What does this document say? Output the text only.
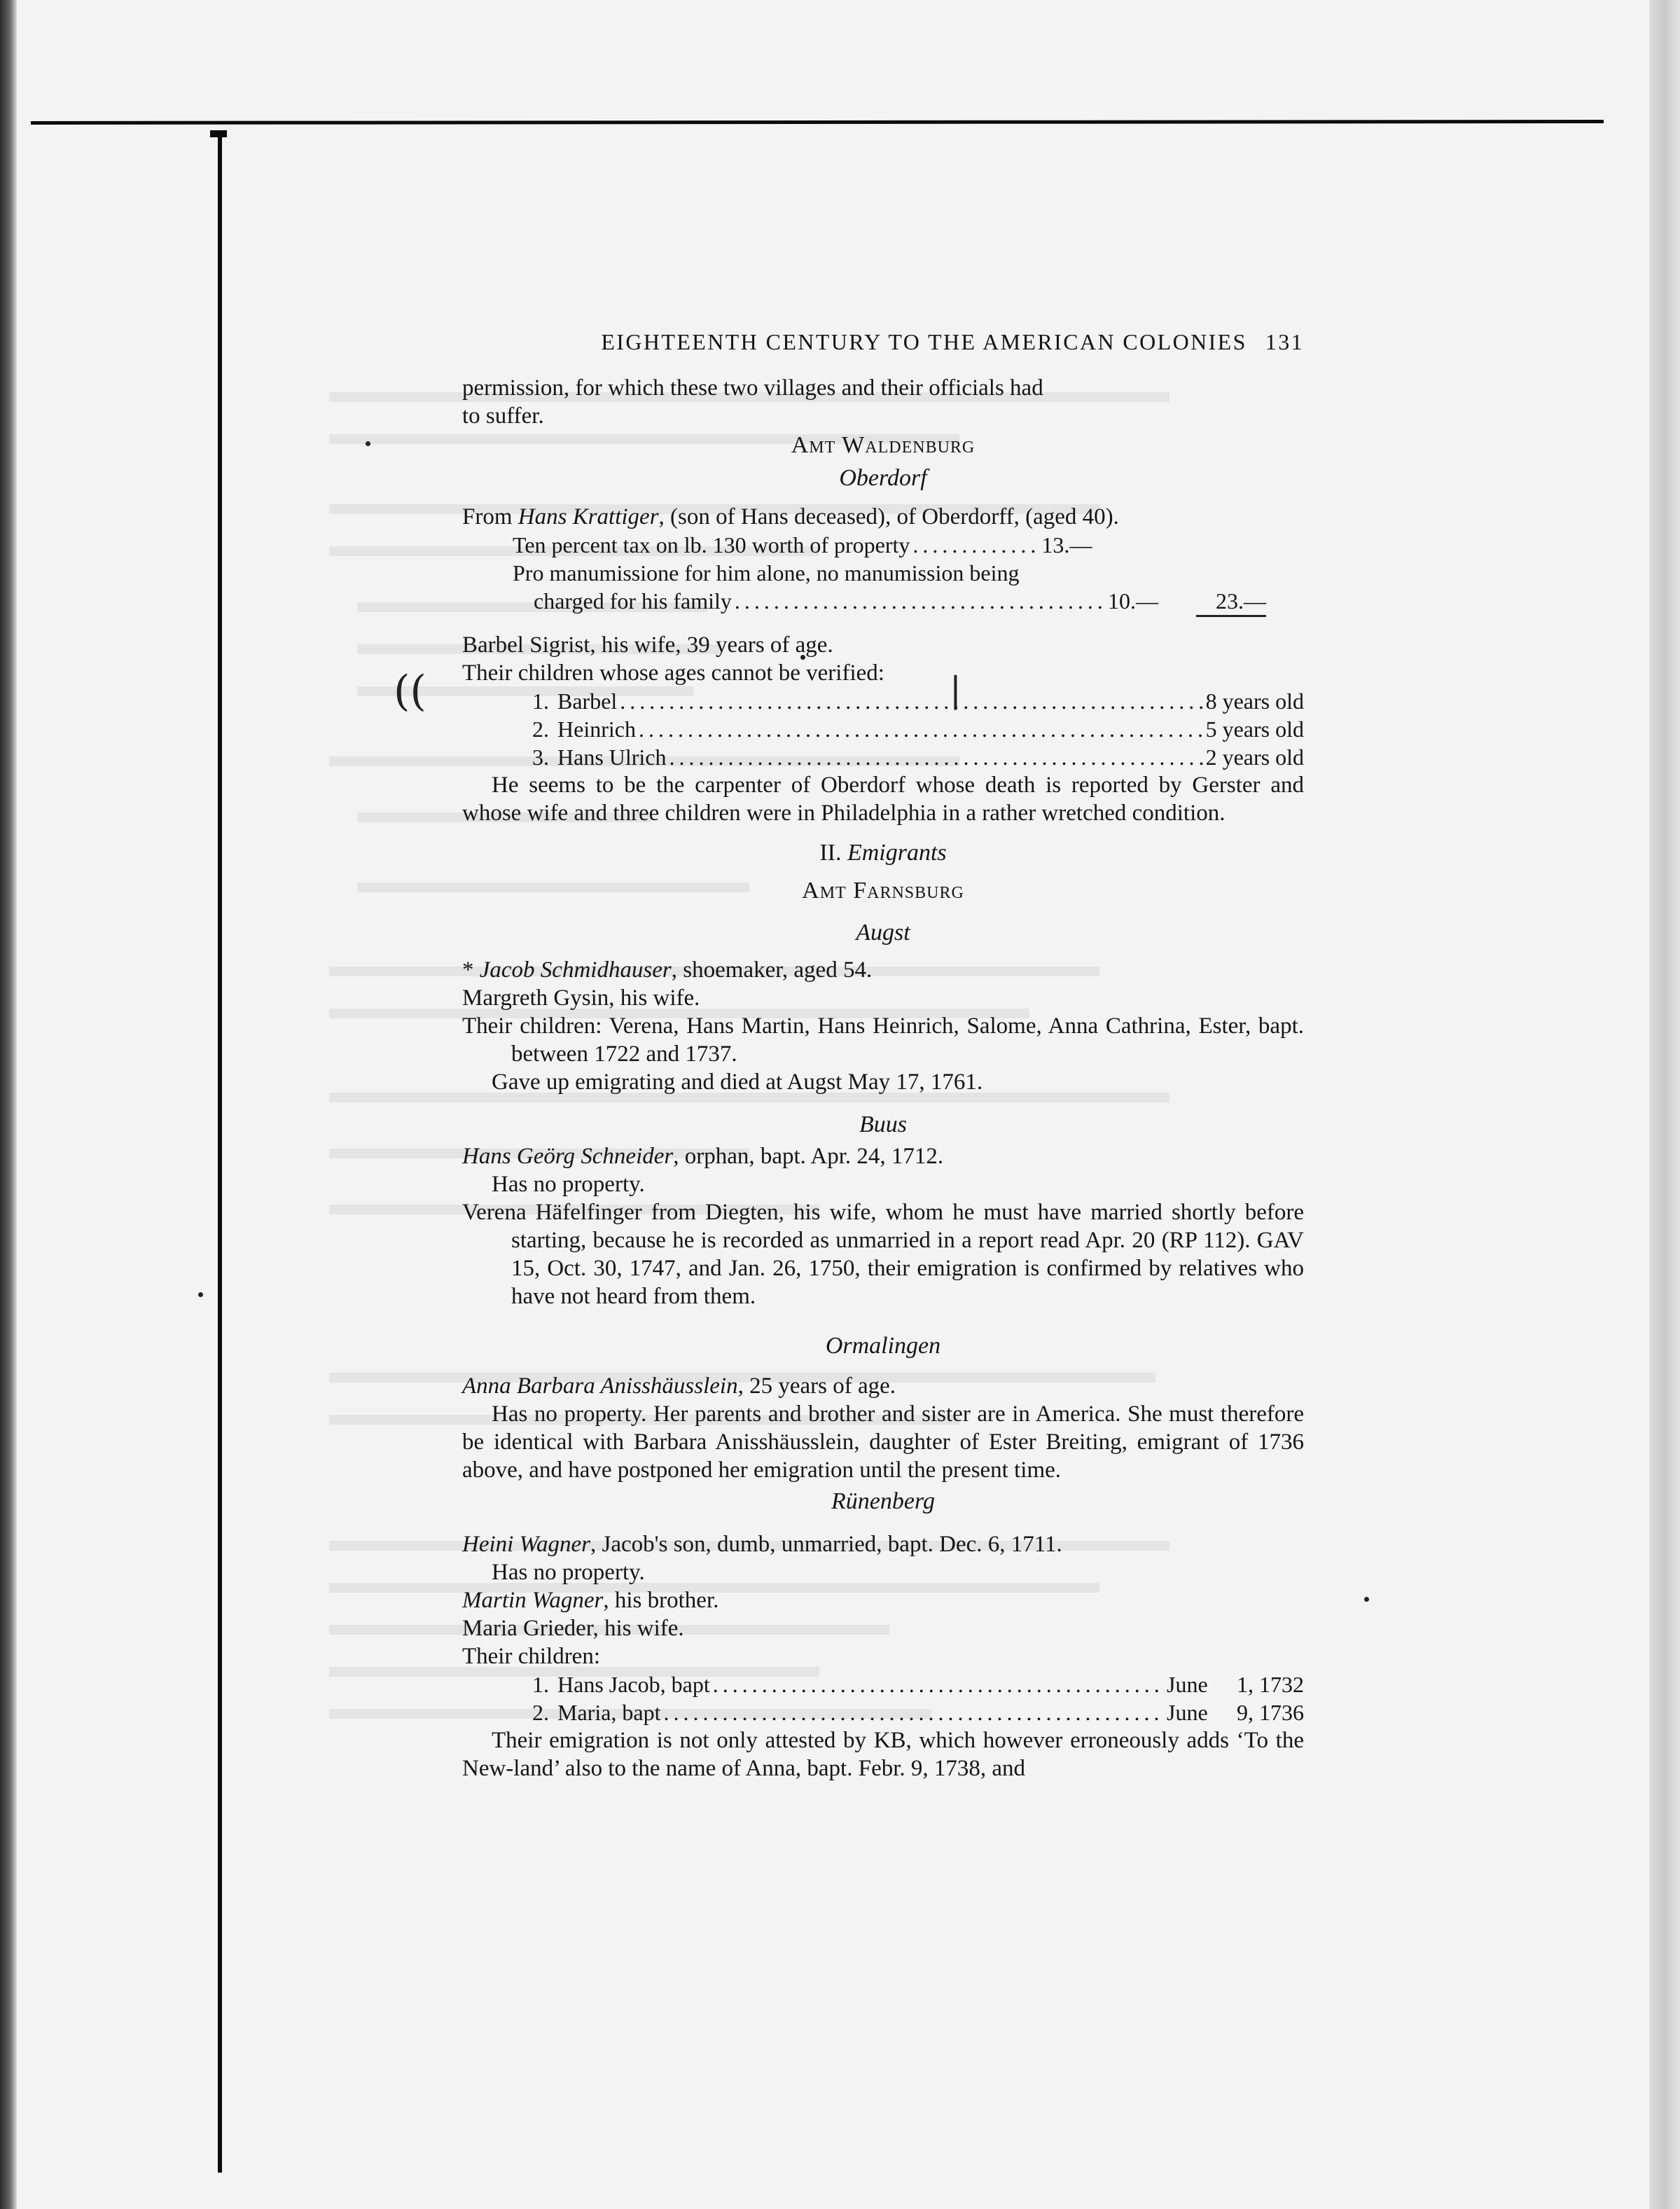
((	|
EIGHTEENTH CENTURY TO THE AMERICAN COLONIES 131

permission, for which these two villages and their officials had

to suffer.

Amt Waldenburg
Oberdorf

From Hans Krattiger, (son of Hans deceased), of Oberdorff, (aged 40).

Ten percent tax on lb. 130 worth of property .....	13.—
Pro manumissione for him alone, no manumission being
charged for his family .....	10.—	23.—

Barbel Sigrist, his wife, 39 years of age.

Their children whose ages cannot be verified:

1. Barbel .....	8 years old
2. Heinrich .....	5 years old
3. Hans Ulrich .....	2 years old

He seems to be the carpenter of Oberdorf whose death is reported by Gerster and whose wife and three children were in Philadelphia in a rather wretched condition.

II. Emigrants
Amt Farnsburg
Augst

* Jacob Schmidhauser, shoemaker, aged 54.

Margreth Gysin, his wife.

Their children: Verena, Hans Martin, Hans Heinrich, Salome, Anna Cathrina, Ester, bapt. between 1722 and 1737.

Gave up emigrating and died at Augst May 17, 1761.

Buus

Hans Geörg Schneider, orphan, bapt. Apr. 24, 1712.

Has no property.

Verena Häfelfinger from Diegten, his wife, whom he must have married shortly before starting, because he is recorded as unmarried in a report read Apr. 20 (RP 112). GAV 15, Oct. 30, 1747, and Jan. 26, 1750, their emigration is confirmed by relatives who have not heard from them.

Ormalingen

Anna Barbara Anisshäusslein, 25 years of age.

Has no property. Her parents and brother and sister are in America. She must therefore be identical with Barbara Anisshäusslein, daughter of Ester Breiting, emigrant of 1736 above, and have postponed her emigration until the present time.

Rünenberg

Heini Wagner, Jacob's son, dumb, unmarried, bapt. Dec. 6, 1711.

Has no property.

Martin Wagner, his brother.

Maria Grieder, his wife.

Their children:

1. Hans Jacob, bapt .....	June	1, 1732
2. Maria, bapt .....	June	9, 1736

Their emigration is not only attested by KB, which however erroneously adds ‘To the New-land’ also to the name of Anna, bapt. Febr. 9, 1738, and
